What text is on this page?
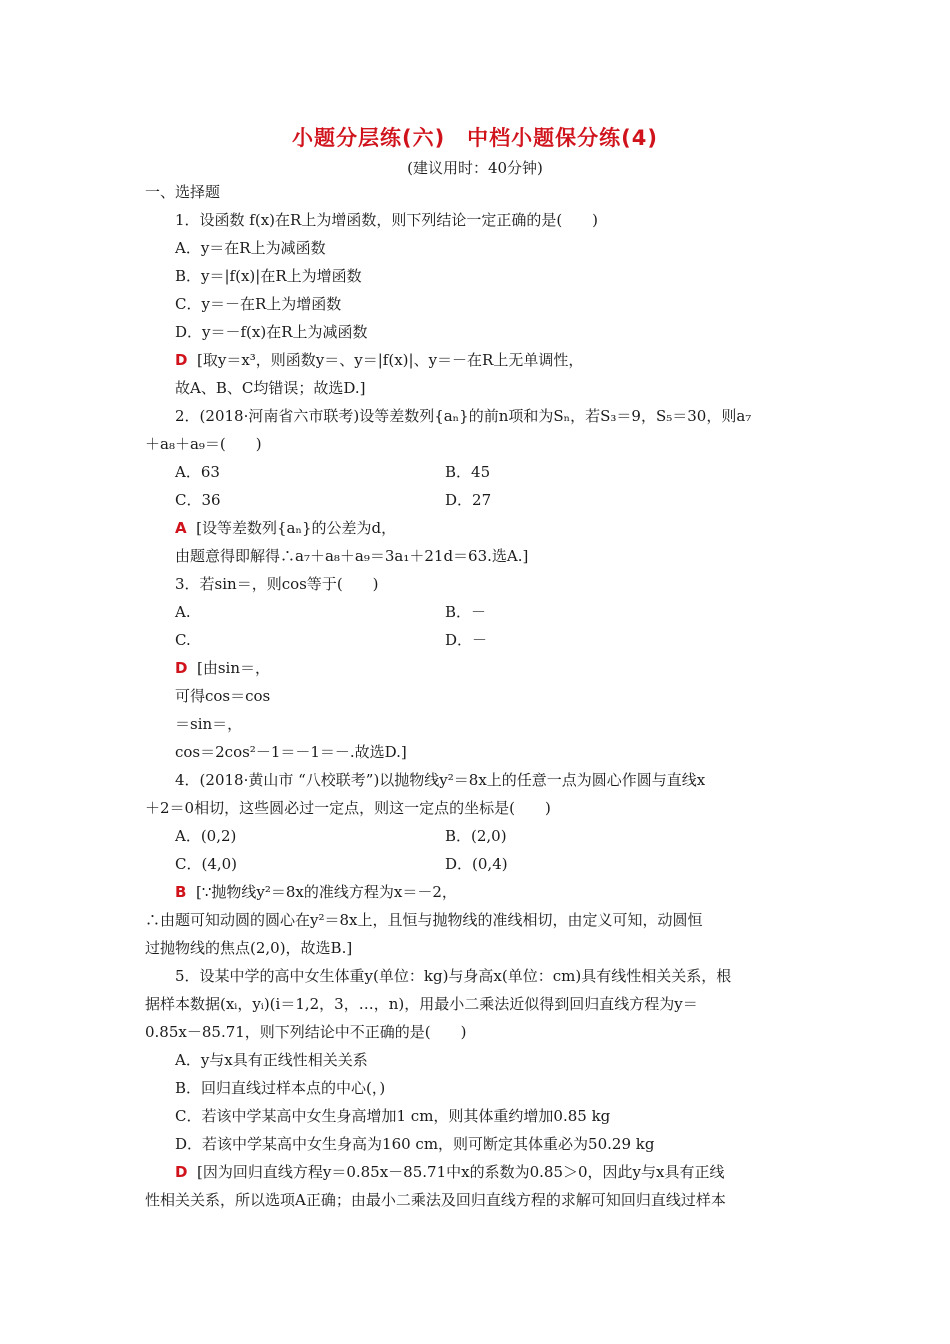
小题分层练(六)　中档小题保分练(4)
(建议用时：40分钟)
一、选择题
1．设函数 f(x)在R上为增函数，则下列结论一定正确的是(　　)
A．y＝在R上为减函数
B．y＝|f(x)|在R上为增函数
C．y＝－在R上为增函数
D．y＝－f(x)在R上为减函数
D [取y＝x³，则函数y＝、y＝|f(x)|、y＝－在R上无单调性，
故A、B、C均错误；故选D.]
2．(2018·河南省六市联考)设等差数列{aₙ}的前n项和为Sₙ，若S₃＝9，S₅＝30，则a₇
＋a₈＋a₉＝(　　)
A．63	B．45
C．36	D．27
A [设等差数列{aₙ}的公差为d，
由题意得即解得∴a₇＋a₈＋a₉＝3a₁＋21d＝63.选A.]
3．若sin＝，则cos等于(　　)
A.	B．－
C.	D．－
D [由sin＝，
可得cos＝cos
＝sin＝，
cos＝2cos²－1＝－1＝－.故选D.]
4．(2018·黄山市 “八校联考”)以抛物线y²＝8x上的任意一点为圆心作圆与直线x
＋2＝0相切，这些圆必过一定点，则这一定点的坐标是(　　)
A．(0,2)	B．(2,0)
C．(4,0)	D．(0,4)
B [∵抛物线y²＝8x的准线方程为x＝－2，
∴由题可知动圆的圆心在y²＝8x上，且恒与抛物线的准线相切，由定义可知，动圆恒
过抛物线的焦点(2,0)，故选B.]
5．设某中学的高中女生体重y(单位：kg)与身高x(单位：cm)具有线性相关关系，根
据样本数据(xᵢ，yᵢ)(i＝1,2，3，…，n)，用最小二乘法近似得到回归直线方程为y＝
0.85x－85.71，则下列结论中不正确的是(　　)
A．y与x具有正线性相关关系
B．回归直线过样本点的中心(，)
C．若该中学某高中女生身高增加1 cm，则其体重约增加0.85 kg
D．若该中学某高中女生身高为160 cm，则可断定其体重必为50.29 kg
D [因为回归直线方程y＝0.85x－85.71中x的系数为0.85＞0，因此y与x具有正线
性相关关系，所以选项A正确；由最小二乘法及回归直线方程的求解可知回归直线过样本
